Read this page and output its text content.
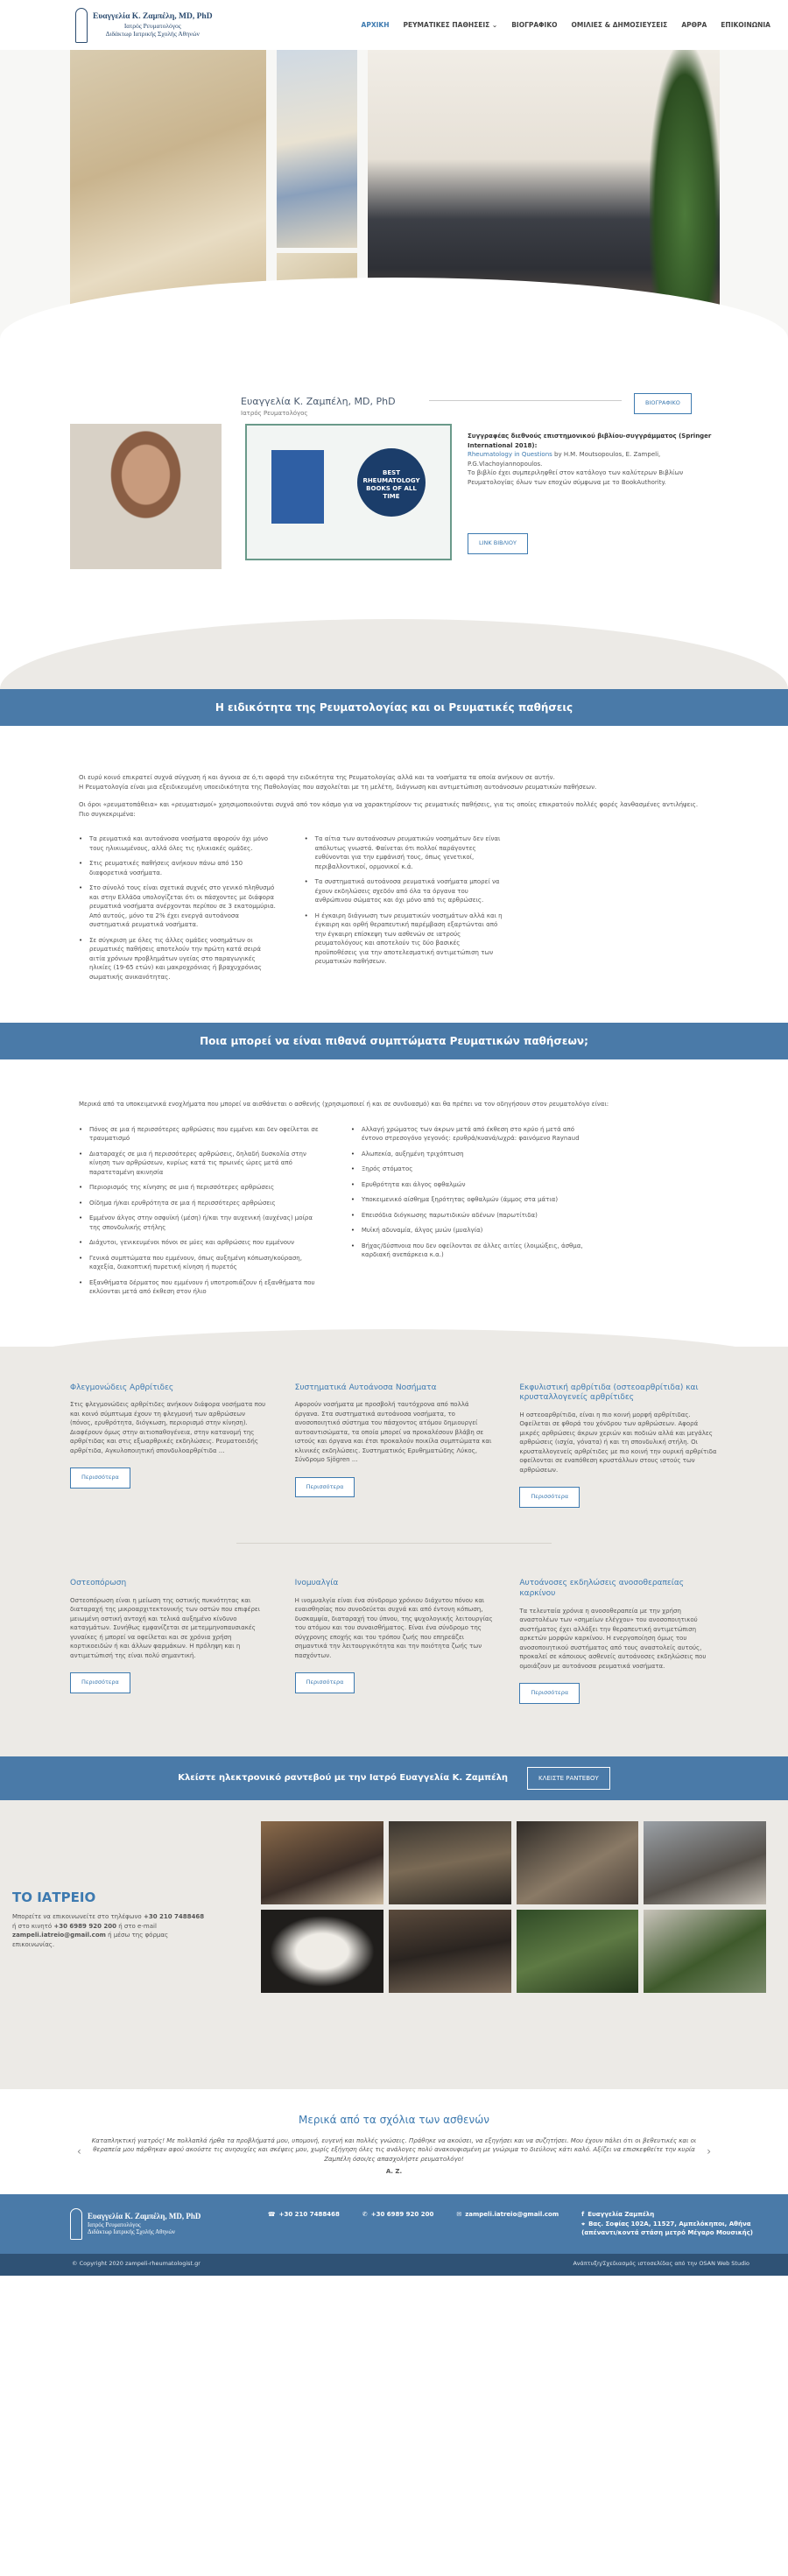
Ευαγγελία Κ. Ζαμπέλη, MD, PhD
Ιατρός Ρευματολόγος
Διδάκτωρ Ιατρικής Σχολής Αθηνών
ΑΡΧΙΚΗ ΡΕΥΜΑΤΙΚΕΣ ΠΑΘΗΣΕΙΣ ⌄ ΒΙΟΓΡΑΦΙΚΟ ΟΜΙΛΙΕΣ & ΔΗΜΟΣΙΕΥΣΕΙΣ ΑΡΘΡΑ ΕΠΙΚΟΙΝΩΝΙΑ
Ευαγγελία Κ. Ζαμπέλη, MD, PhD
Ιατρός Ρευματολόγος
ΒΙΟΓΡΑΦΙΚΟ
BEST RHEUMATOLOGY BOOKS OF ALL TIME
Συγγραφέας διεθνούς επιστημονικού βιβλίου-συγγράμματος (Springer International 2018):
Rheumatology in Questions by H.M. Moutsopoulos, E. Zampeli, P.G.Vlachoyiannopoulos.
Το βιβλίο έχει συμπεριληφθεί στον κατάλογο των καλύτερων Βιβλίων Ρευματολογίας όλων των εποχών σύμφωνα με το BookAuthority.
LINK ΒΙΒΛΙΟΥ
Η ειδικότητα της Ρευματολογίας και οι Ρευματικές παθήσεις

Οι ευρύ κοινό επικρατεί συχνά σύγχυση ή και άγνοια σε ό,τι αφορά την ειδικότητα της Ρευματολογίας αλλά και τα νοσήματα τα οποία ανήκουν σε αυτήν.
Η Ρευματολογία είναι μια εξειδικευμένη υποειδικότητα της Παθολογίας που ασχολείται με τη μελέτη, διάγνωση και αντιμετώπιση αυτοάνοσων ρευματικών παθήσεων.

Οι όροι «ρευματοπάθεια» και «ρευματισμοί» χρησιμοποιούνται συχνά από τον κόσμο για να χαρακτηρίσουν τις ρευματικές παθήσεις, για τις οποίες επικρατούν πολλές φορές λανθασμένες αντιλήψεις. Πιο συγκεκριμένα:

• Τα ρευματικά και αυτοάνοσα νοσήματα αφορούν όχι μόνο τους ηλικιωμένους, αλλά όλες τις ηλικιακές ομάδες.
• Στις ρευματικές παθήσεις ανήκουν πάνω από 150 διαφορετικά νοσήματα.
• Στο σύνολό τους είναι σχετικά συχνές στο γενικό πληθυσμό και στην Ελλάδα υπολογίζεται ότι οι πάσχοντες με διάφορα ρευματικά νοσήματα ανέρχονται περίπου σε 3 εκατομμύρια. Από αυτούς, μόνο τα 2% έχει ενεργά αυτοάνοσα συστηματικά ρευματικά νοσήματα.
• Σε σύγκριση με όλες τις άλλες ομάδες νοσημάτων οι ρευματικές παθήσεις αποτελούν την πρώτη κατά σειρά αιτία χρόνιων προβλημάτων υγείας στο παραγωγικές ηλικίες (19-65 ετών) και μακροχρόνιας ή βραχυχρόνιας σωματικής ανικανότητας.
• Τα αίτια των αυτοάνοσων ρευματικών νοσημάτων δεν είναι απόλυτως γνωστά. Φαίνεται ότι πολλοί παράγοντες ευθύνονται για την εμφάνισή τους, όπως γενετικοί, περιβαλλοντικοί, ορμονικοί κ.ά.
• Τα συστηματικά αυτοάνοσα ρευματικά νοσήματα μπορεί να έχουν εκδηλώσεις σχεδόν από όλα τα όργανα του ανθρώπινου σώματος και όχι μόνο από τις αρθρώσεις.
• Η έγκαιρη διάγνωση των ρευματικών νοσημάτων αλλά και η έγκαιρη και ορθή θεραπευτική παρέμβαση εξαρτώνται από την έγκαιρη επίσκεψη των ασθενών σε ιατρούς ρευματολόγους και αποτελούν τις δύο βασικές προϋποθέσεις για την αποτελεσματική αντιμετώπιση των ρευματικών παθήσεων.
Ποια μπορεί να είναι πιθανά συμπτώματα Ρευματικών παθήσεων;

Μερικά από τα υποκειμενικά ενοχλήματα που μπορεί να αισθάνεται ο ασθενής (χρησιμοποιεί ή και σε συνδυασμό) και θα πρέπει να τον οδηγήσουν στον ρευματολόγο είναι:

• Πόνος σε μια ή περισσότερες αρθρώσεις που εμμένει και δεν οφείλεται σε τραυματισμό
• Διαταραχές σε μια ή περισσότερες αρθρώσεις, δηλαδή δυσκολία στην κίνηση των αρθρώσεων, κυρίως κατά τις πρωινές ώρες μετά από παρατεταμένη ακινησία
• Περιορισμός της κίνησης σε μια ή περισσότερες αρθρώσεις
• Οίδημα ή/και ερυθρότητα σε μια ή περισσότερες αρθρώσεις
• Εμμένον άλγος στην οσφυϊκή (μέση) ή/και την αυχενική (αυχένας) μοίρα της σπονδυλικής στήλης
• Διάχυτοι, γενικευμένοι πόνοι σε μύες και αρθρώσεις που εμμένουν
• Γενικά συμπτώματα που εμμένουν, όπως αυξημένη κόπωση/κούραση, καχεξία, διακοπτική πυρετική κίνηση ή πυρετός
• Εξανθήματα δέρματος που εμμένουν ή υποτροπιάζουν ή εξανθήματα που εκλύονται μετά από έκθεση στον ήλιο
• Αλλαγή χρώματος των άκρων μετά από έκθεση στο κρύο ή μετά από έντονο στρεσογόνο γεγονός: ερυθρά/κυανά/ωχρά: φαινόμενο Raynaud
• Αλωπεκία, αυξημένη τριχόπτωση
• Ξηρός στόματος
• Ερυθρότητα και άλγος οφθαλμών
• Υποκειμενικό αίσθημα ξηρότητας οφθαλμών (άμμος στα μάτια)
• Επεισόδια διόγκωσης παρωτιδικών αδένων (παρωτίτιδα)
• Μυϊκή αδυναμία, άλγος μυών (μυαλγία)
• Βήχας/δύσπνοια που δεν οφείλονται σε άλλες αιτίες (λοιμώξεις, άσθμα, καρδιακή ανεπάρκεια κ.α.)
Φλεγμονώδεις Αρθρίτιδες

Στις φλεγμονώδεις αρθρίτιδες ανήκουν διάφορα νοσήματα που και κοινό σύμπτωμα έχουν τη φλεγμονή των αρθρώσεων (πόνος, ερυθρότητα, διόγκωση, περιορισμό στην κίνηση). Διαφέρουν όμως στην αιτιοπαθογένεια, στην κατανομή της αρθρίτιδας και στις εξωαρθρικές εκδηλώσεις. Ρευματοειδής αρθρίτιδα, Αγκυλοποιητική σπονδυλοαρθρίτιδα ...

Περισσότερα
Συστηματικά Αυτοάνοσα Νοσήματα

Αφορούν νοσήματα με προσβολή ταυτόχρονα από πολλά όργανα. Στα συστηματικά αυτοάνοσα νοσήματα, το ανοσοποιητικό σύστημα του πάσχοντος ατόμου δημιουργεί αυτοαντισώματα, τα οποία μπορεί να προκαλέσουν βλάβη σε ιστούς και όργανα και έτσι προκαλούν ποικίλα συμπτώματα και κλινικές εκδηλώσεις. Συστηματικός Ερυθηματώδης Λύκος, Σύνδρομο Sjögren ...

Περισσότερα
Εκφυλιστική αρθρίτιδα (οστεοαρθρίτιδα) και κρυσταλλογενείς αρθρίτιδες

Η οστεοαρθρίτιδα, είναι η πιο κοινή μορφή αρθρίτιδας. Οφείλεται σε φθορά του χόνδρου των αρθρώσεων. Αφορά μικρές αρθρώσεις άκρων χεριών και ποδιών αλλά και μεγάλες αρθρώσεις (ισχία, γόνατα) ή και τη σπονδυλική στήλη. Οι κρυσταλλογενείς αρθρίτιδες με πιο κοινή την ουρική αρθρίτιδα οφείλονται σε εναπόθεση κρυστάλλων στους ιστούς των αρθρώσεων.

Περισσότερα
Οστεοπόρωση

Οστεοπόρωση είναι η μείωση της οστικής πυκνότητας και διαταραχή της μικροαρχιτεκτονικής των οστών που επιφέρει μειωμένη οστική αντοχή και τελικά αυξημένο κίνδυνο καταγμάτων. Συνήθως εμφανίζεται σε μετεμμηνοπαυσιακές γυναίκες ή μπορεί να οφείλεται και σε χρόνια χρήση κορτικοειδών ή και άλλων φαρμάκων. Η πρόληψη και η αντιμετώπισή της είναι πολύ σημαντική.

Περισσότερα
Ινομυαλγία

Η ινομυαλγία είναι ένα σύνδρομο χρόνιου διάχυτου πόνου και ευαισθησίας που συνοδεύεται συχνά και από έντονη κόπωση, δυσκαμψία, διαταραχή του ύπνου, της ψυχολογικής λειτουργίας του ατόμου και του συναισθήματος. Είναι ένα σύνδρομο της σύγχρονης εποχής και του τρόπου ζωής που επηρεάζει σημαντικά την λειτουργικότητα και την ποιότητα ζωής των πασχόντων.

Περισσότερα
Αυτοάνοσες εκδηλώσεις ανοσοθεραπείας καρκίνου

Τα τελευταία χρόνια η ανοσοθεραπεία με την χρήση αναστολέων των «σημείων ελέγχου» του ανοσοποιητικού συστήματος έχει αλλάξει την θεραπευτική αντιμετώπιση αρκετών μορφών καρκίνου. Η ενεργοποίηση όμως του ανοσοποιητικού συστήματος από τους αναστολείς αυτούς, προκαλεί σε κάποιους ασθενείς αυτοάνοσες εκδηλώσεις που ομοιάζουν με αυτοάνοσα ρευματικά νοσήματα.

Περισσότερα
Κλείστε ηλεκτρονικό ραντεβού με την Ιατρό Ευαγγελία Κ. Ζαμπέλη	ΚΛΕΙΣΤΕ ΡΑΝΤΕΒΟΥ
ΤΟ ΙΑΤΡΕΙΟ

Μπορείτε να επικοινωνείτε στο τηλέφωνο +30 210 7488468 ή στο κινητό +30 6989 920 200 ή στο e-mail zampeli.iatreio@gmail.com ή μέσω της φόρμας επικοινωνίας.

Μερικά από τα σχόλια των ασθενών
‹

Καταπληκτική γιατρός! Με πολλαπλά ήρθα τα προβλήματά μου, υπομονή, ευγενή και πολλές γνώσεις. Πράθηκε να ακούσει, να εξηγήσει και να συζητήσει. Μου έχουν πάλει ότι οι βεθευτικές και οι θεραπεία μου πάρθηκαν αφού ακούστε τις ανησυχίες και σκέψεις μου, χωρίς εξήγηση όλες τις ανάλογες πολύ ανακουφισμένη με γνώριμα το διεύλονς κάτι καλό. Αξίζει να επισκεφθείτε την κυρία Ζαμπέλη όσοι/ες απασχολήστε ρευματολόγο!

Α. Ζ.

›
Ευαγγελία Κ. Ζαμπέλη, MD, PhD
Ιατρός Ρευματολόγος
Διδάκτωρ Ιατρικής Σχολής Αθηνών
☎ +30 210 7488468	✆ +30 6989 920 200	✉ zampeli.iatreio@gmail.com	f Ευαγγελία Ζαμπέλη
⌖ Βας. Σοφίας 102A, 11527, Αμπελόκηποι, Αθήνα
(απέναντι/κοντά στάση μετρό Μέγαρο Μουσικής)
© Copyright 2020 zampeli-rheumatologist.gr	Ανάπτυξη/Σχεδιασμός ιστοσελίδας από την OSAN Web Studio
